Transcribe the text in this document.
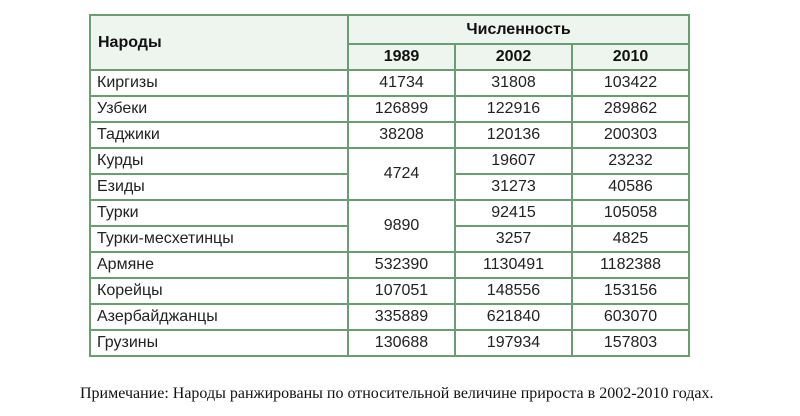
Народы	Численность		
	1989	2002	2010
Киргизы	41734	31808	103422
Узбеки	126899	122916	289862
Таджики	38208	120136	200303
Курды	4724	19607	23232
Езиды		31273	40586
Турки	9890	92415	105058
Турки-месхетинцы		3257	4825
Армяне	532390	1130491	1182388
Корейцы	107051	148556	153156
Азербайджанцы	335889	621840	603070
Грузины	130688	197934	157803
Примечание: Народы ранжированы по относительной величине прироста в 2002-2010 годах.
